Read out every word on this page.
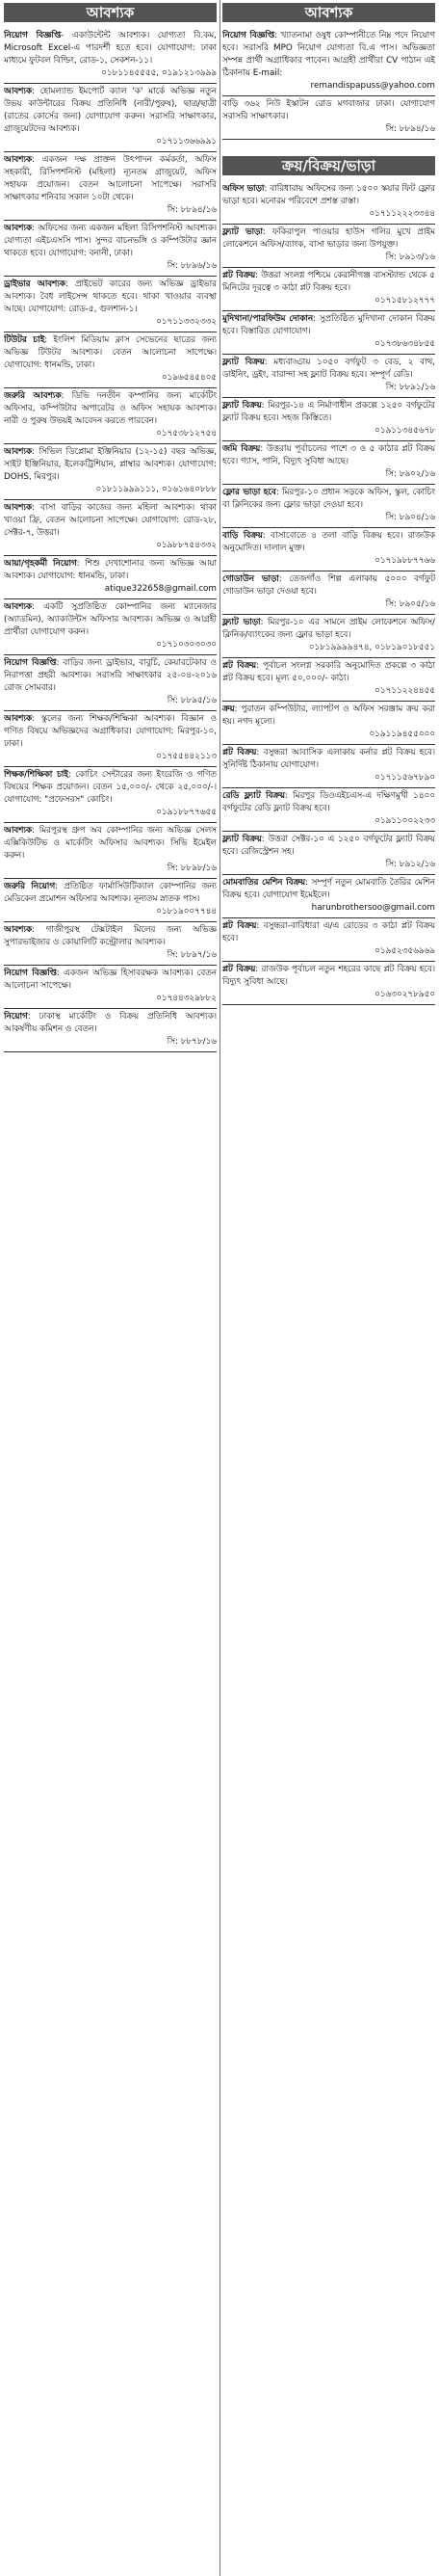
আবশ্যক
নিয়োগ বিজ্ঞপ্তি- একাউন্টেন্ট আবশ্যক। যোগ্যতা বি.কম, Microsoft Excel-এ পারদর্শী হতে হবে। যোগাযোগ: ঢাকা মাধ্যমে ফুটবল বিল্ডিং, রোড-১, সেকশন-১১।
০১৮১১৪৫৫৫৫, ০১৯১২১৩৯৯৯
আবশ্যক: হোমল্যান্ড ইমপোর্ট ক্যাল 'ক' মার্কে অভিজ্ঞ নতুন উভয় কাউন্টারের বিক্রয় প্রতিনিধি (নারী/পুরুষ), ছাত্র/ছাত্রী (রাতের কোর্সের জন্য) যোগাযোগ করুন। সরাসরি সাক্ষাৎকার, গ্রাজুয়েটদের আবশ্যক।
০১৭১১৩৬৬৯৯১
আবশ্যক: একজন দক্ষ প্রাক্তন উৎপাদন কর্মকর্তা, অফিস সহকারী, রিসিপশনিস্ট (মহিলা) ন্যূনতম গ্রাজুয়েট, অফিস সহায়ক প্রয়োজন। বেতন আলোচনা সাপেক্ষে। সরাসরি সাক্ষাৎকার শনিবার সকাল ১০টা থেকে।
সি: ৮৮৯৪/১৬
আবশ্যক: অফিসের জন্য একজন মহিলা রিসিপশনিস্ট আবশ্যক। যোগ্যতা এইচএসসি পাস। সুন্দর বাচনভঙ্গি ও কম্পিউটার জ্ঞান থাকতে হবে। যোগাযোগ: বনানী, ঢাকা।
সি: ৮৮৯৬/১৬
ড্রাইভার আবশ্যক: প্রাইভেট কারের জন্য অভিজ্ঞ ড্রাইভার আবশ্যক। বৈধ লাইসেন্স থাকতে হবে। থাকা খাওয়ার ব্যবস্থা আছে। যোগাযোগ: রোড-৫, গুলশান-১।
০১৭১১৩৩২৩৩২
টিউটর চাই: ইংলিশ মিডিয়াম ক্লাস সেভেনের ছাত্রের জন্য অভিজ্ঞ টিউটর আবশ্যক। বেতন আলোচনা সাপেক্ষে। যোগাযোগ: ধানমন্ডি, ঢাকা।
০১৯৬৫৪৫৪০৫
জরুরি আবশ্যক: ডিভি দনতীন কম্পানির জন্য মার্কেটিং অফিসার, কম্পিউটার অপারেটর ও অফিস সহায়ক আবশ্যক। নারী ও পুরুষ উভয়ই আবেদন করতে পারবেন।
০১৭৫৩৮১২৭৫৪
আবশ্যক: সিভিল ডিপ্লোমা ইঞ্জিনিয়ার (১২-১৫) বছর অভিজ্ঞ, সাইট ইঞ্জিনিয়ার, ইলেকট্রিশিয়ান, প্লাম্বার আবশ্যক। যোগাযোগ: DOHS, মিরপুর।
০১৮১১৯৯৯১১১, ০১৬১৬৪০৮৮৮
আবশ্যক: বাসা বাড়ির কাজের জন্য মহিলা আবশ্যক। থাকা খাওয়া ফ্রি, বেতন আলোচনা সাপেক্ষে। যোগাযোগ: রোড-২৮, সেক্টর-৭, উত্তরা।
০১৯৮৮৭৫৪৩৩২
আয়া/গৃহকর্মী নিয়োগ: শিশু দেখাশোনার জন্য অভিজ্ঞ আয়া আবশ্যক। যোগাযোগ: ধানমন্ডি, ঢাকা।
atique322658@gmail.com
আবশ্যক: একটি সুপ্রতিষ্ঠিত কোম্পানির জন্য ম্যানেজার (অ্যাডমিন), অ্যাকাউন্টস অফিসার আবশ্যক। অভিজ্ঞ ও আগ্রহী প্রার্থীরা যোগাযোগ করুন।
০১৭১০৩০৩০৩০
নিয়োগ বিজ্ঞপ্তি: বাড়ির জন্য ড্রাইভার, বাবুর্চি, কেয়ারটেকার ও নিরাপত্তা প্রহরী আবশ্যক। সরাসরি সাক্ষাৎকার ২৫-০৪-২০১৬ রোজ সোমবার।
সি: ৮৮৯৫/১৬
আবশ্যক: স্কুলের জন্য শিক্ষক/শিক্ষিকা আবশ্যক। বিজ্ঞান ও গণিত বিষয়ে অভিজ্ঞদের অগ্রাধিকার। যোগাযোগ: মিরপুর-১০, ঢাকা।
০১৭৫৫৪৪২১১৩
শিক্ষক/শিক্ষিকা চাই: কোচিং সেন্টারের জন্য ইংরেজি ও গণিত বিষয়ের শিক্ষক প্রয়োজন। বেতন ১৫,০০০/- থেকে ২৫,০০০/-। যোগাযোগ: "প্রফেসরস" কোচিং।
০১৯১৮৮৭৭৬৫৫
আবশ্যক: মিরপুরস্থ গ্রুপ অব কোম্পানির জন্য অভিজ্ঞ সেলস এক্সিকিউটিভ ও মার্কেটিং অফিসার আবশ্যক। সিভি ইমেইল করুন।
সি: ৮৮৯৮/১৬
জরুরি নিয়োগ: প্রতিষ্ঠিত ফার্মাসিউটিক্যাল কোম্পানির জন্য মেডিকেল প্রমোশন অফিসার আবশ্যক। নূন্যতম স্নাতক পাস।
০১৮১৯০০৭৭৪৪
আবশ্যক: গাজীপুরস্থ টেক্সটাইল মিলের জন্য অভিজ্ঞ সুপারভাইজার ও কোয়ালিটি কন্ট্রোলার আবশ্যক।
সি: ৮৮৯৭/১৬
নিয়োগ বিজ্ঞপ্তি: একজন অভিজ্ঞ হিসাবরক্ষক আবশ্যক। বেতন আলোচনা সাপেক্ষে।
০১৭৪৪৩২৯৮৮২
নিয়োগ: ঢাকাস্থ মার্কেটিং ও বিক্রয় প্রতিনিধি আবশ্যক। আকর্ষণীয় কমিশন ও বেতন।
সি: ৮৮৭৮/১৬
আবশ্যক
নিয়োগ বিজ্ঞপ্তি: খ্যাতনামা ওষুধ কোম্পানীতে নিম্ন পদে নিয়োগ হবে। সরাসরি MPO নিয়োগ যোগ্যতা বি.এ পাস। অভিজ্ঞতা সম্পন্ন প্রার্থী অগ্রাধিকার পাবেন। আগ্রহী প্রার্থীরা CV পাঠান এই ঠিকানায় E-mail:
remandispapuss@yahoo.com
বাড়ি ৩৬২ নিউ ইস্কাটন রোড মগবাজার ঢাকা। যোগাযোগ সরাসরি সাক্ষাৎকার।
সি: ৮৮৯৪/১৬
ক্রয়/বিক্রয়/ভাড়া
অফিস ভাড়া: বারিধারায় অফিসের জন্য ১৫০০ স্কয়ার ফিট ফ্লোর ভাড়া হবে। মনোরম পরিবেশে প্রশস্ত রাস্তা।
০১৭১১২২২৩৩৪৪
ফ্ল্যাট ভাড়া: ফকিরাপুল পাওয়ার হাউস গলির মুখে প্রাইম লোকেশনে অফিস/ব্যাংক, বাসা ভাড়ার জন্য উপযুক্ত।
সি: ৮৯১৩/১৬
প্লট বিক্রয়: উত্তরা সংলগ্ন পশ্চিমে কেরানীগঞ্জ বাসস্ট্যান্ড থেকে ৫ মিনিটের দূরত্বে ৩ কাঠা প্লট বিক্রয় হবে।
০১৭১৫৮১২৭৭৭
মুদিখানা/পারফিউম দোকান: সুপ্রতিষ্ঠিত মুদিখানা দোকান বিক্রয় হবে। বিস্তারিত যোগাযোগ।
০১৭৩৮৬৩৪৮৫৫
ফ্ল্যাট বিক্রয়: মধ্যবাড্ডায় ১০৫০ বর্গফুট ৩ বেড, ২ বাথ, ডাইনিং, ড্রইং, বারান্দা সহ ফ্ল্যাট বিক্রয় হবে। সম্পূর্ণ রেডি।
সি: ৮৮৯১/১৬
ফ্ল্যাট বিক্রয়: মিরপুর-১৪ এ নির্মাণাধীন প্রকল্পে ১২৫০ বর্গফুটের ফ্ল্যাট বিক্রয় হবে। সহজ কিস্তিতে।
০১৯১১৩৪৫৬৭৮
জমি বিক্রয়: উত্তরায় পূর্বাচলের পাশে ৩ ও ৫ কাঠার প্লট বিক্রয় হবে। গ্যাস, পানি, বিদ্যুৎ সুবিধা আছে।
সি: ৮৯০২/১৬
ফ্লোর ভাড়া হবে: মিরপুর-১০ প্রধান সড়কে অফিস, স্কুল, কোচিং বা ক্লিনিকের জন্য ফ্লোর ভাড়া দেওয়া হবে।
সি: ৮৯০৪/১৬
বাড়ি বিক্রয়: বাসাবোতে ৪ তলা বাড়ি বিক্রয় হবে। রাজউক অনুমোদিত। দালাল মুক্ত।
০১৭১৯৮৮৭৭৬৬
গোডাউন ভাড়া: তেজগাঁও শিল্প এলাকায় ৫০০০ বর্গফুট গোডাউন ভাড়া দেওয়া হবে।
সি: ৮৯০৫/১৬
ফ্ল্যাট ভাড়া: মিরপুর-১০ এর সামনে প্রাইম লোকেশনে অফিস/ক্লিনিক/ব্যাংকের জন্য ফ্লোর ভাড়া হবে।
০১৮১৯৯৯৯৪৭৪, ০১৮১৯০১৮৫৫১
প্লট বিক্রয়: পূর্বাচল সংলগ্ন সরকারি অনুমোদিত প্রকল্পে ৩ কাঠা প্লট বিক্রয় হবে। মূল্য ৫০,০০০/- কাঠা।
০১৭১১২২৪৪৫৫
ক্রয়: পুরাতন কম্পিউটার, ল্যাপটপ ও অফিস সরঞ্জাম ক্রয় করা হয়। নগদ মূল্যে।
০১৯১১৯৪৫৫০০০
প্লট বিক্রয়: বসুন্ধরা আবাসিক এলাকায় কর্নার প্লট বিক্রয় হবে। সুনির্দিষ্ট ঠিকানায় যোগাযোগ।
০১৭১১৫৬৭৮৯০
রেডি ফ্ল্যাট বিক্রয়: মিরপুর ডিওএইচএস-এ দক্ষিণমুখী ১৪০০ বর্গফুটের রেডি ফ্ল্যাট বিক্রয় হবে।
০১৯১১০০২২৩৩
ফ্ল্যাট বিক্রয়: উত্তরা সেক্টর-১০ এ ১২৫০ বর্গফুটের ফ্ল্যাট বিক্রয় হবে। রেজিস্ট্রেশন সহ।
সি: ৮৯১২/১৬
মোমবাতির মেশিন বিক্রয়: সম্পূর্ণ নতুন মোমবাতি তৈরির মেশিন বিক্রয় হবে। যোগাযোগ ইমেইলে।
harunbrothersoo@gmail.com
প্লট বিক্রয়: বসুন্ধরা-বারিধারা এ/এ রোডের ৩ কাঠা প্লট বিক্রয় হবে।
০১৯৫২৩৫৬৯৬৯
প্লট বিক্রয়: রাজউক পূর্বাচল নতুন শহরের কাছে প্লট বিক্রয় হবে। বিদ্যুৎ সুবিধা আছে।
০১৬৩০২৭৮৯৫০
